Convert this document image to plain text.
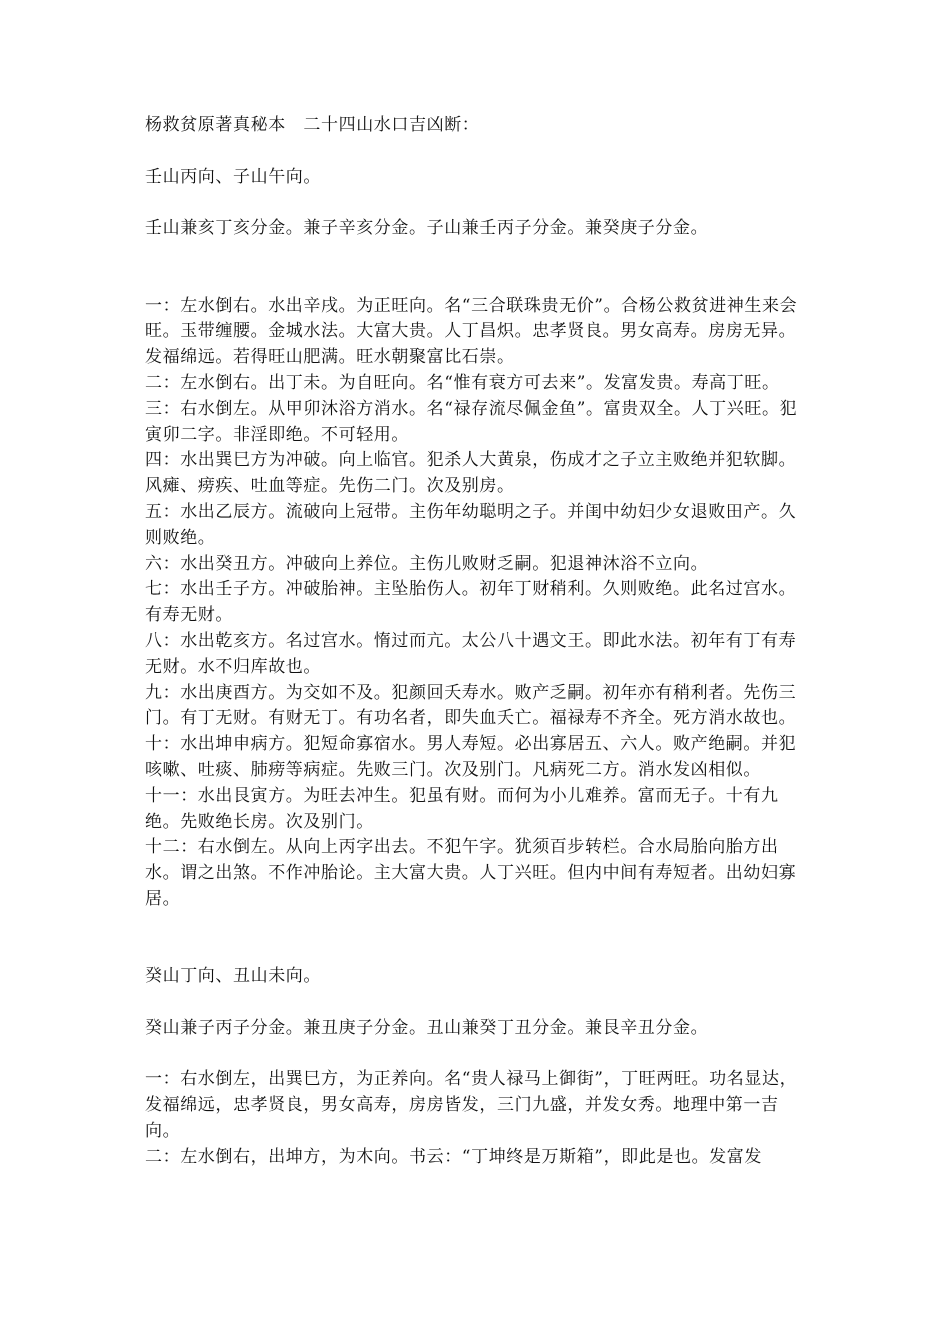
杨救贫原著真秘本　二十四山水口吉凶断：
壬山丙向、子山午向。
壬山兼亥丁亥分金。兼子辛亥分金。子山兼壬丙子分金。兼癸庚子分金。
一：左水倒右。水出辛戌。为正旺向。名“三合联珠贵无价”。合杨公救贫进神生来会旺。玉带缠腰。金城水法。大富大贵。人丁昌炽。忠孝贤良。男女高寿。房房无异。发福绵远。若得旺山肥满。旺水朝聚富比石崇。
二：左水倒右。出丁未。为自旺向。名“惟有衰方可去来”。发富发贵。寿高丁旺。
三：右水倒左。从甲卯沐浴方消水。名“禄存流尽佩金鱼”。富贵双全。人丁兴旺。犯寅卯二字。非淫即绝。不可轻用。
四：水出巽巳方为冲破。向上临官。犯杀人大黄泉，伤成才之子立主败绝并犯软脚。风瘫、痨疾、吐血等症。先伤二门。次及别房。
五：水出乙辰方。流破向上冠带。主伤年幼聪明之子。并闺中幼妇少女退败田产。久则败绝。
六：水出癸丑方。冲破向上养位。主伤儿败财乏嗣。犯退神沐浴不立向。
七：水出壬子方。冲破胎神。主坠胎伤人。初年丁财稍利。久则败绝。此名过宫水。有寿无财。
八：水出乾亥方。名过宫水。惰过而亢。太公八十遇文王。即此水法。初年有丁有寿无财。水不归库故也。
九：水出庚酉方。为交如不及。犯颜回夭寿水。败产乏嗣。初年亦有稍利者。先伤三门。有丁无财。有财无丁。有功名者，即失血夭亡。福禄寿不齐全。死方消水故也。
十：水出坤申病方。犯短命寡宿水。男人寿短。必出寡居五、六人。败产绝嗣。并犯咳嗽、吐痰、肺痨等病症。先败三门。次及别门。凡病死二方。消水发凶相似。
十一：水出艮寅方。为旺去冲生。犯虽有财。而何为小儿难养。富而无子。十有九绝。先败绝长房。次及别门。
十二：右水倒左。从向上丙字出去。不犯午字。犹须百步转栏。合水局胎向胎方出水。谓之出煞。不作冲胎论。主大富大贵。人丁兴旺。但内中间有寿短者。出幼妇寡居。
癸山丁向、丑山未向。
癸山兼子丙子分金。兼丑庚子分金。丑山兼癸丁丑分金。兼艮辛丑分金。
一：右水倒左，出巽巳方，为正养向。名“贵人禄马上御街”，丁旺两旺。功名显达，发福绵远，忠孝贤良，男女高寿，房房皆发，三门九盛，并发女秀。地理中第一吉向。
二：左水倒右，出坤方，为木向。书云：“丁坤终是万斯箱”，即此是也。发富发
